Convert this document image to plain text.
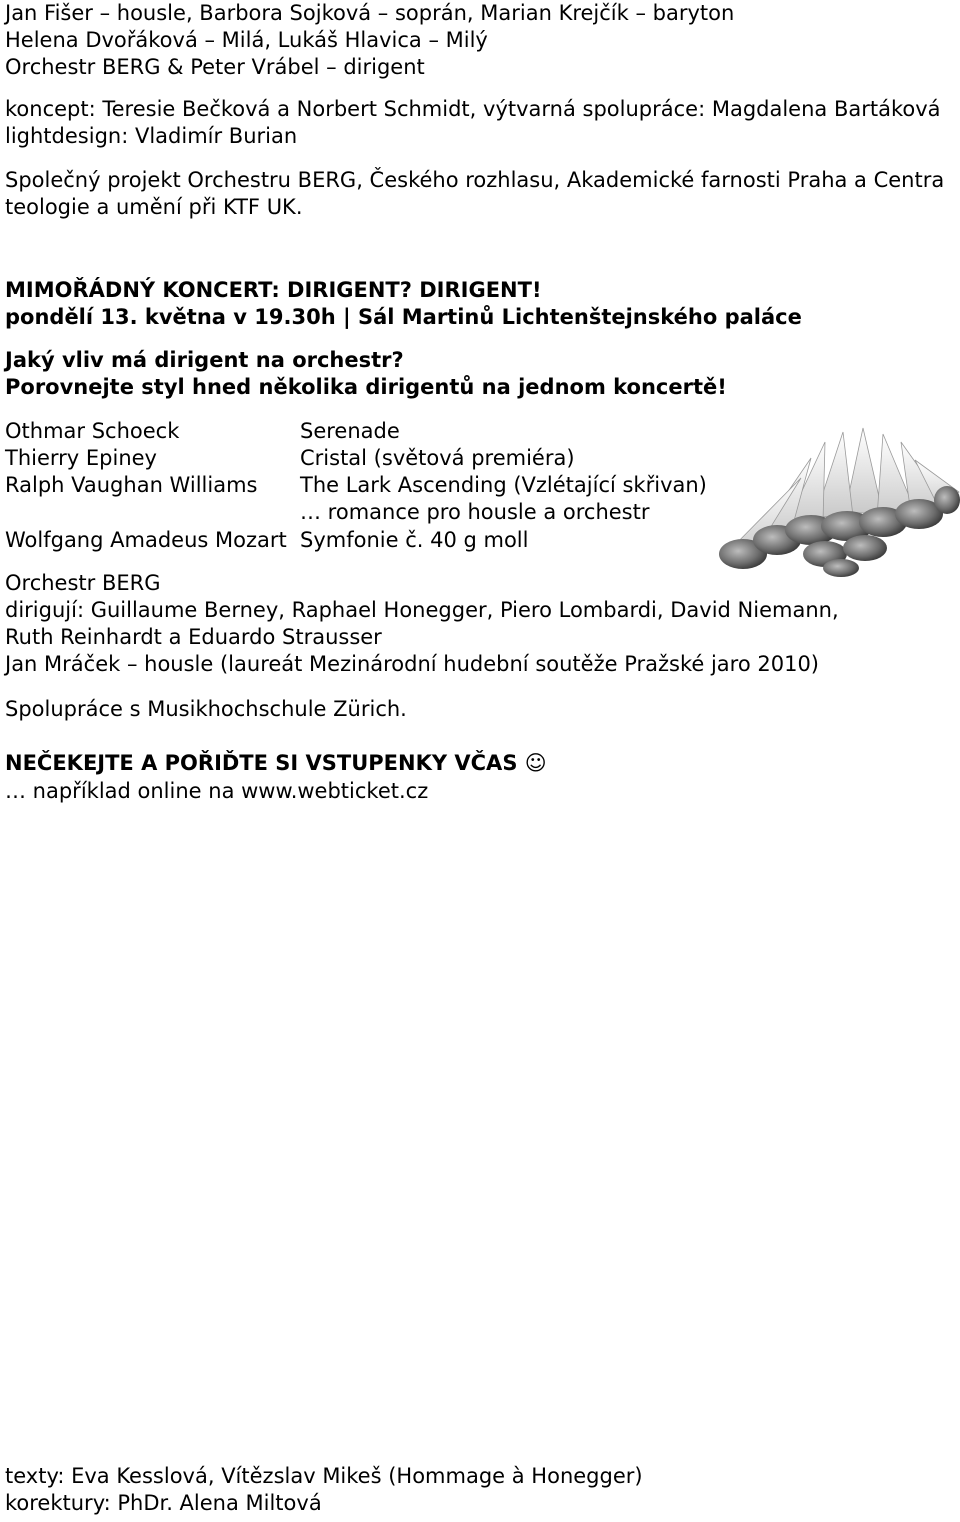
Jan Fišer – housle, Barbora Sojková – soprán, Marian Krejčík – baryton
Helena Dvořáková – Milá, Lukáš Hlavica – Milý
Orchestr BERG & Peter Vrábel – dirigent
koncept: Teresie Bečková a Norbert Schmidt, výtvarná spolupráce: Magdalena Bartáková
lightdesign: Vladimír Burian
Společný projekt Orchestru BERG, Českého rozhlasu, Akademické farnosti Praha a Centra
teologie a umění při KTF UK.
MIMOŘÁDNÝ KONCERT: DIRIGENT? DIRIGENT!
pondělí 13. května v 19.30h | Sál Martinů Lichtenštejnského paláce
Jaký vliv má dirigent na orchestr?
Porovnejte styl hned několika dirigentů na jednom koncertě!
Othmar Schoeck
Thierry Epiney
Ralph Vaughan Williams
Wolfgang Amadeus Mozart
Serenade
Cristal (světová premiéra)
The Lark Ascending (Vzlétající skřivan)
… romance pro housle a orchestr
Symfonie č. 40 g moll
Orchestr BERG
dirigují: Guillaume Berney, Raphael Honegger, Piero Lombardi, David Niemann,
Ruth Reinhardt a Eduardo Strausser
Jan Mráček – housle (laureát Mezinárodní hudební soutěže Pražské jaro 2010)
Spolupráce s Musikhochschule Zürich.
NEČEKEJTE A POŘIĎTE SI VSTUPENKY VČAS ☺
… například online na www.webticket.cz
texty: Eva Kesslová, Vítězslav Mikeš (Hommage à Honegger)
korektury: PhDr. Alena Miltová
